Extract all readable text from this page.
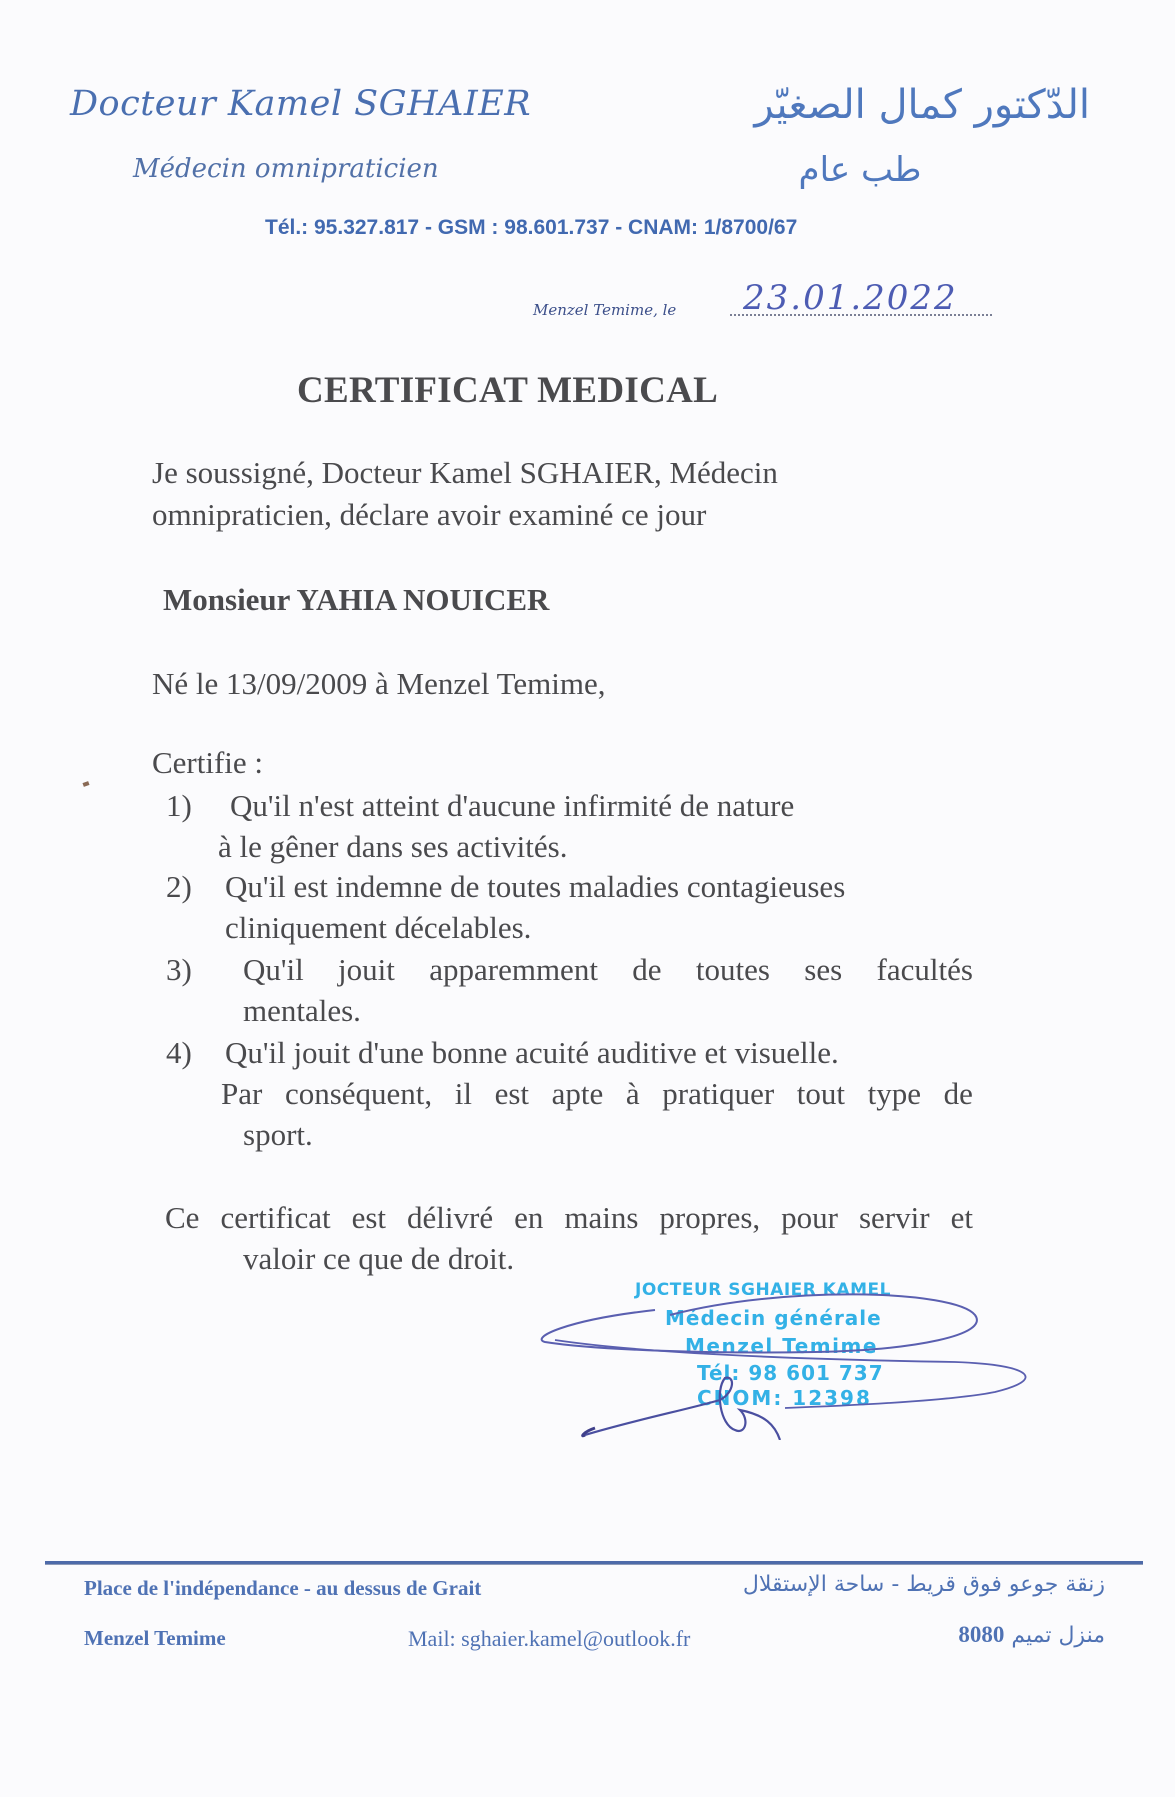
Docteur Kamel SGHAIER
Médecin omnipraticien
الدّكتور كمال الصغيّر
طب عام
Tél.: 95.327.817 - GSM : 98.601.737 - CNAM: 1/8700/67
Menzel Temime, le 23.01.2022
CERTIFICAT MEDICAL
Je soussigné, Docteur Kamel SGHAIER, Médecin
omnipraticien, déclare avoir examiné ce jour
Monsieur YAHIA NOUICER
Né le 13/09/2009 à Menzel Temime,
Certifie :
1) Qu'il n'est atteint d'aucune infirmité de nature
à le gêner dans ses activités.
2) Qu'il est indemne de toutes maladies contagieuses
cliniquement décelables.
3) Qu'il jouit apparemment de toutes ses facultés
mentales.
4) Qu'il jouit d'une bonne acuité auditive et visuelle.
Par conséquent, il est apte à pratiquer tout type de
sport.
Ce certificat est délivré en mains propres, pour servir et
valoir ce que de droit.
JOCTEUR SGHAIER KAMEL
Médecin générale
Menzel Temime
Tél: 98 601 737
CNOM: 12398
Place de l'indépendance - au dessus de Grait
Menzel Temime	Mail: sghaier.kamel@outlook.fr
زنقة جوعو فوق قريط - ساحة الإستقلال
منزل تميم 8080
